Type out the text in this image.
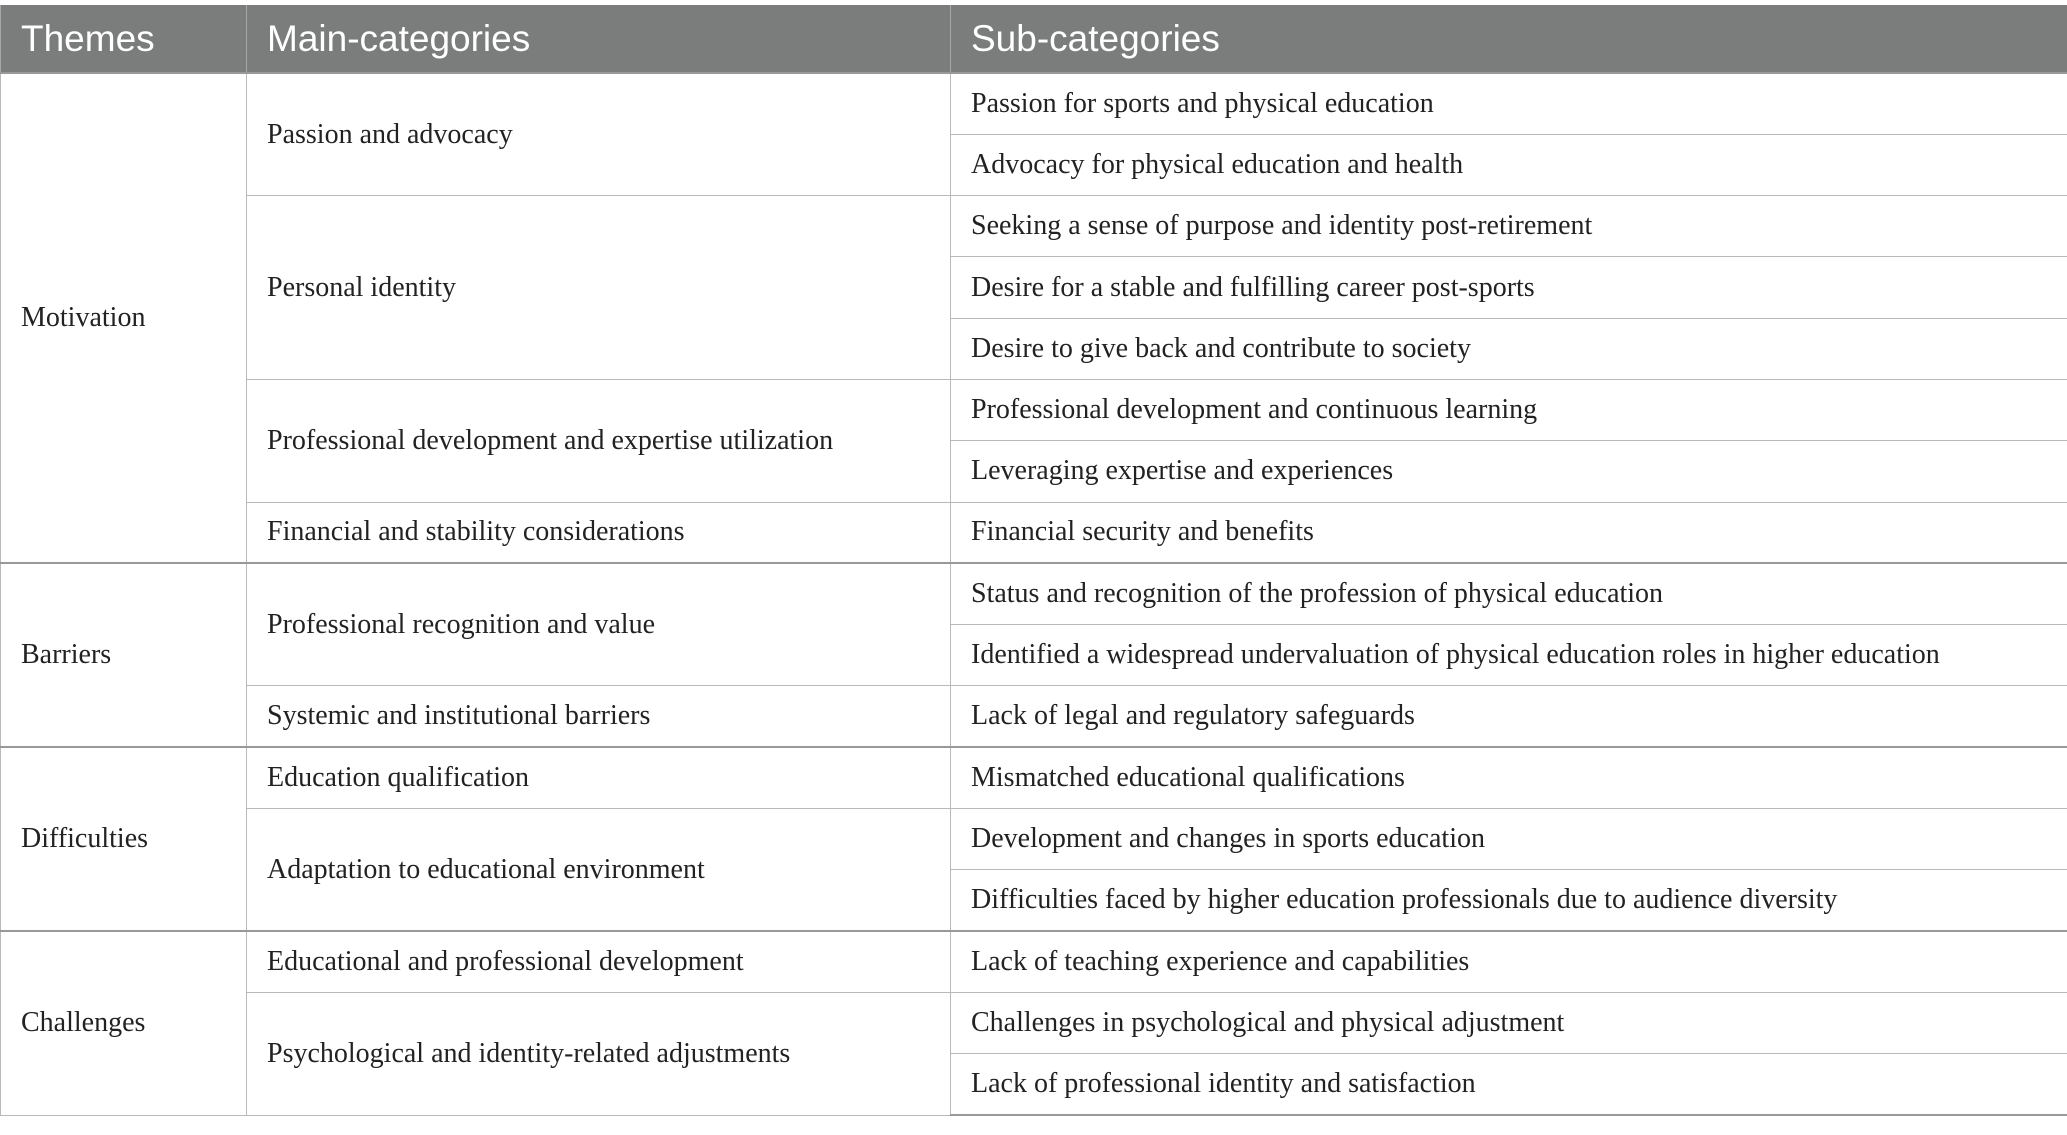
Themes	Main-categories	Sub-categories
Motivation	Passion and advocacy	Passion for sports and physical education
		Advocacy for physical education and health
	Personal identity	Seeking a sense of purpose and identity post-retirement
		Desire for a stable and fulfilling career post-sports
		Desire to give back and contribute to society
	Professional development and expertise utilization	Professional development and continuous learning
		Leveraging expertise and experiences
	Financial and stability considerations	Financial security and benefits
Barriers	Professional recognition and value	Status and recognition of the profession of physical education
		Identified a widespread undervaluation of physical education roles in higher education
	Systemic and institutional barriers	Lack of legal and regulatory safeguards
Difficulties	Education qualification	Mismatched educational qualifications
	Adaptation to educational environment	Development and changes in sports education
		Difficulties faced by higher education professionals due to audience diversity
Challenges	Educational and professional development	Lack of teaching experience and capabilities
	Psychological and identity-related adjustments	Challenges in psychological and physical adjustment
		Lack of professional identity and satisfaction
